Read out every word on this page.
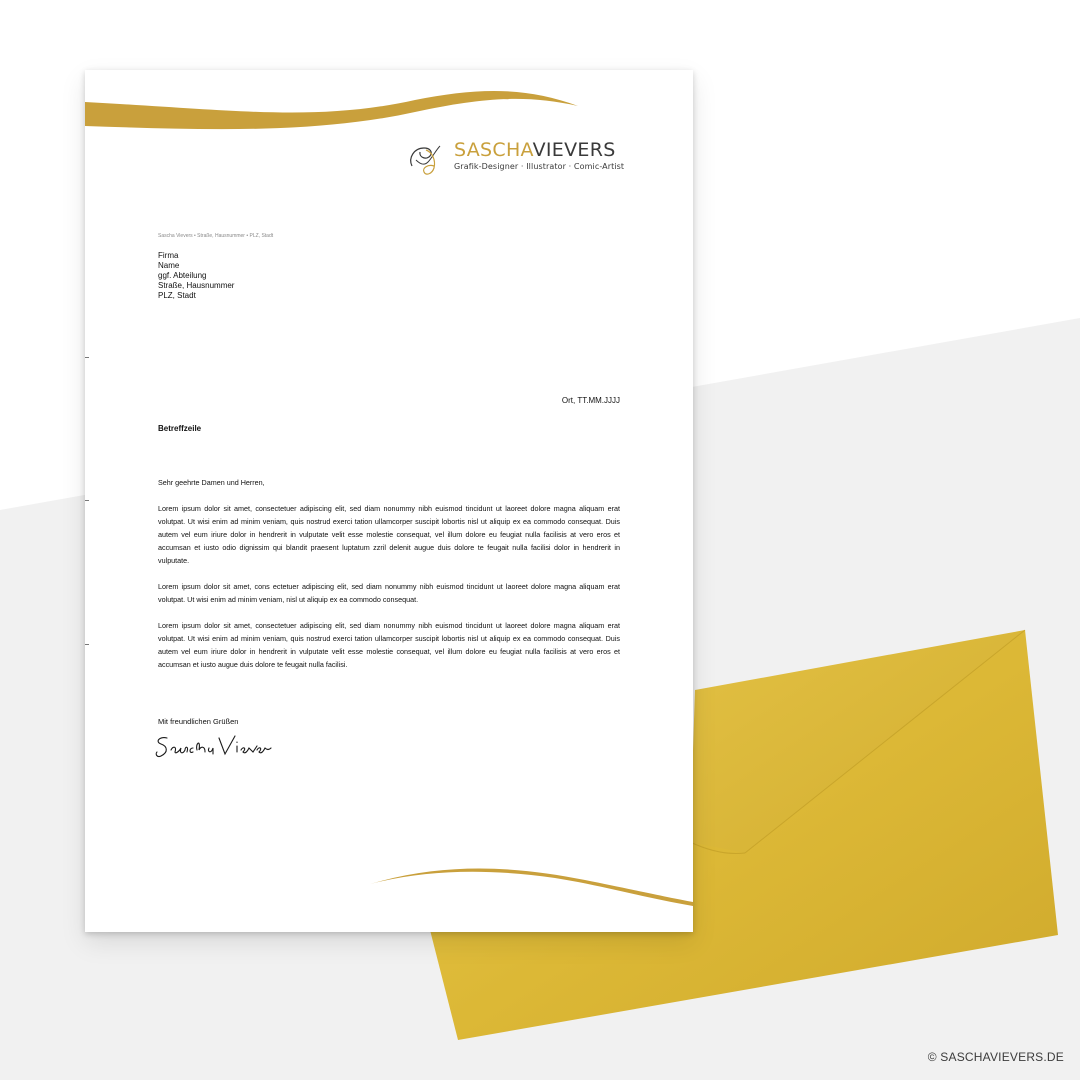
SASCHAVIEVERS
Grafik-Designer · Illustrator · Comic-Artist
Sascha Vievers • Straße, Hausnummer • PLZ, Stadt
Firma
Name
ggf. Abteilung
Straße, Hausnummer
PLZ, Stadt
Ort, TT.MM.JJJJ
Betreffzeile

Sehr geehrte Damen und Herren,

Lorem ipsum dolor sit amet, consectetuer adipiscing elit, sed diam nonummy nibh euismod tincidunt ut laoreet dolore magna aliquam erat volutpat. Ut wisi enim ad minim veniam, quis nostrud exerci tation ullamcorper suscipit lobortis nisl ut aliquip ex ea commodo consequat. Duis autem vel eum iriure dolor in hendrerit in vulputate velit esse molestie consequat, vel illum dolore eu feugiat nulla facilisis at vero eros et accumsan et iusto odio dignissim qui blandit praesent luptatum zzril delenit augue duis dolore te feugait nulla facilisi dolor in hendrerit in vulputate.

Lorem ipsum dolor sit amet, cons ectetuer adipiscing elit, sed diam nonummy nibh euismod tincidunt ut laoreet dolore magna aliquam erat volutpat. Ut wisi enim ad minim veniam, nisl ut aliquip ex ea commodo consequat.

Lorem ipsum dolor sit amet, consectetuer adipiscing elit, sed diam nonummy nibh euismod tincidunt ut laoreet dolore magna aliquam erat volutpat. Ut wisi enim ad minim veniam, quis nostrud exerci tation ullamcorper suscipit lobortis nisl ut aliquip ex ea commodo consequat. Duis autem vel eum iriure dolor in hendrerit in vulputate velit esse molestie consequat, vel illum dolore eu feugiat nulla facilisis at vero eros et accumsan et iusto augue duis dolore te feugait nulla facilisi.

Mit freundlichen Grüßen
© SASCHAVIEVERS.DE
